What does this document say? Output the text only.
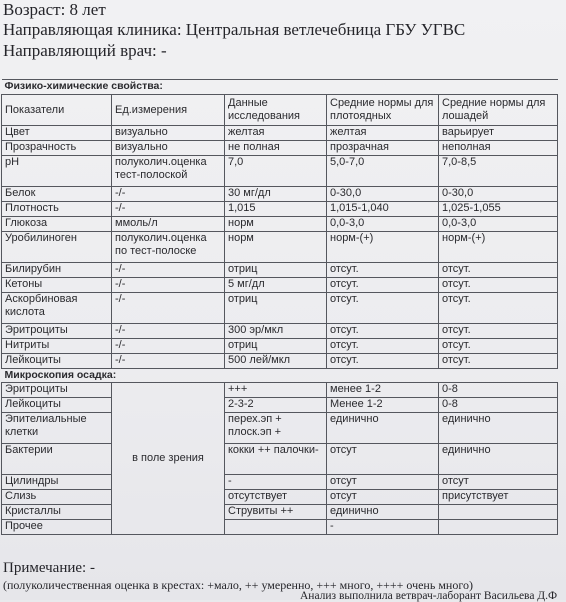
Возраст: 8 лет
Направляющая клиника: Центральная ветлечебница ГБУ УГВС
Направляющий врач: -
Физико-химические свойства:				
Показатели	Ед.измерения	Данные исследования	Средние нормы для плотоядных	Средние нормы для лошадей
Цвет	визуально	желтая	желтая	варьирует
Прозрачность	визуально	не полная	прозрачная	неполная
pH	полуколич.оценка тест-полоской	7,0	5,0-7,0	7,0-8,5
Белок	-/-	30 мг/дл	0-30,0	0-30,0
Плотность	-/-	1,015	1,015-1,040	1,025-1,055
Глюкоза	ммоль/л	норм	0,0-3,0	0,0-3,0
Уробилиноген	полуколич.оценка по тест-полоске	норм	норм-(+)	норм-(+)
Билирубин	-/-	отриц	отсут.	отсут.
Кетоны	-/-	5 мг/дл	отсут.	отсут.
Аскорбиновая кислота	-/-	отриц	отсут.	отсут.
Эритроциты	-/-	300 эр/мкл	отсут.	отсут.
Нитриты	-/-	отриц	отсут.	отсут.
Лейкоциты	-/-	500 лей/мкл	отсут.	отсут.
Микроскопия осадка:				
Эритроциты	в поле зрения	+++	менее 1-2	0-8
Лейкоциты		2-3-2	Менее 1-2	0-8
Эпителиальные клетки		перех.эп + плоск.эп +	единично	единично
Бактерии		кокки ++ палочки-	отсут	единично
Цилиндры		-	отсут	отсут
Слизь		отсутствует	отсут	присутствует
Кристаллы		Струвиты ++	единично	
Прочее			-	
Примечание: -
(полуколичественная оценка в крестах: +мало, ++ умеренно, +++ много, ++++ очень много)
Анализ выполнила ветврач-лаборант Васильева Д.Ф
